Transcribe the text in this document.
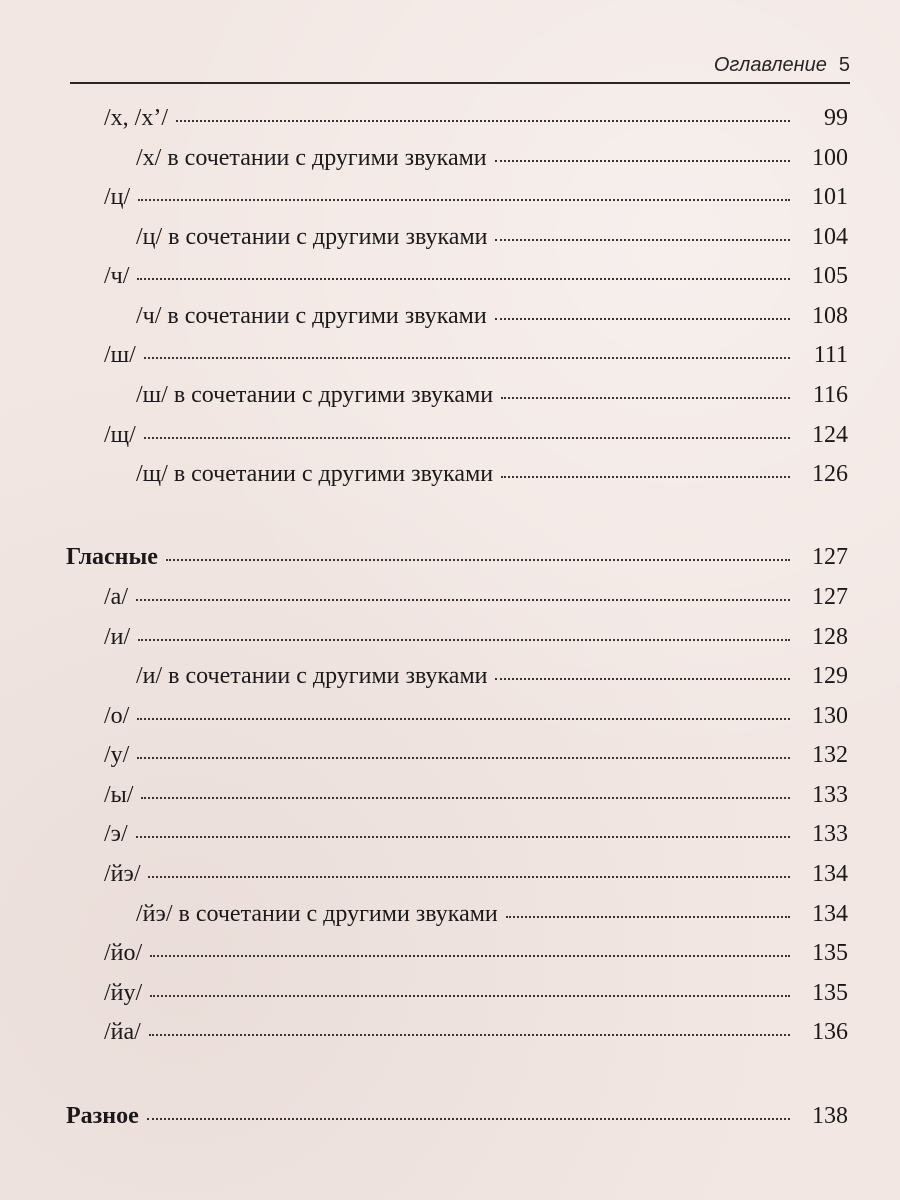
Оглавление 5
/х, /х’/	99
/х/ в сочетании с другими звуками	100
/ц/	101
/ц/ в сочетании с другими звуками	104
/ч/	105
/ч/ в сочетании с другими звуками	108
/ш/	111
/ш/ в сочетании с другими звуками	116
/щ/	124
/щ/ в сочетании с другими звуками	126
Гласные	127
/а/	127
/и/	128
/и/ в сочетании с другими звуками	129
/о/	130
/у/	132
/ы/	133
/э/	133
/йэ/	134
/йэ/ в сочетании с другими звуками	134
/йо/	135
/йу/	135
/йа/	136
Разное	138
